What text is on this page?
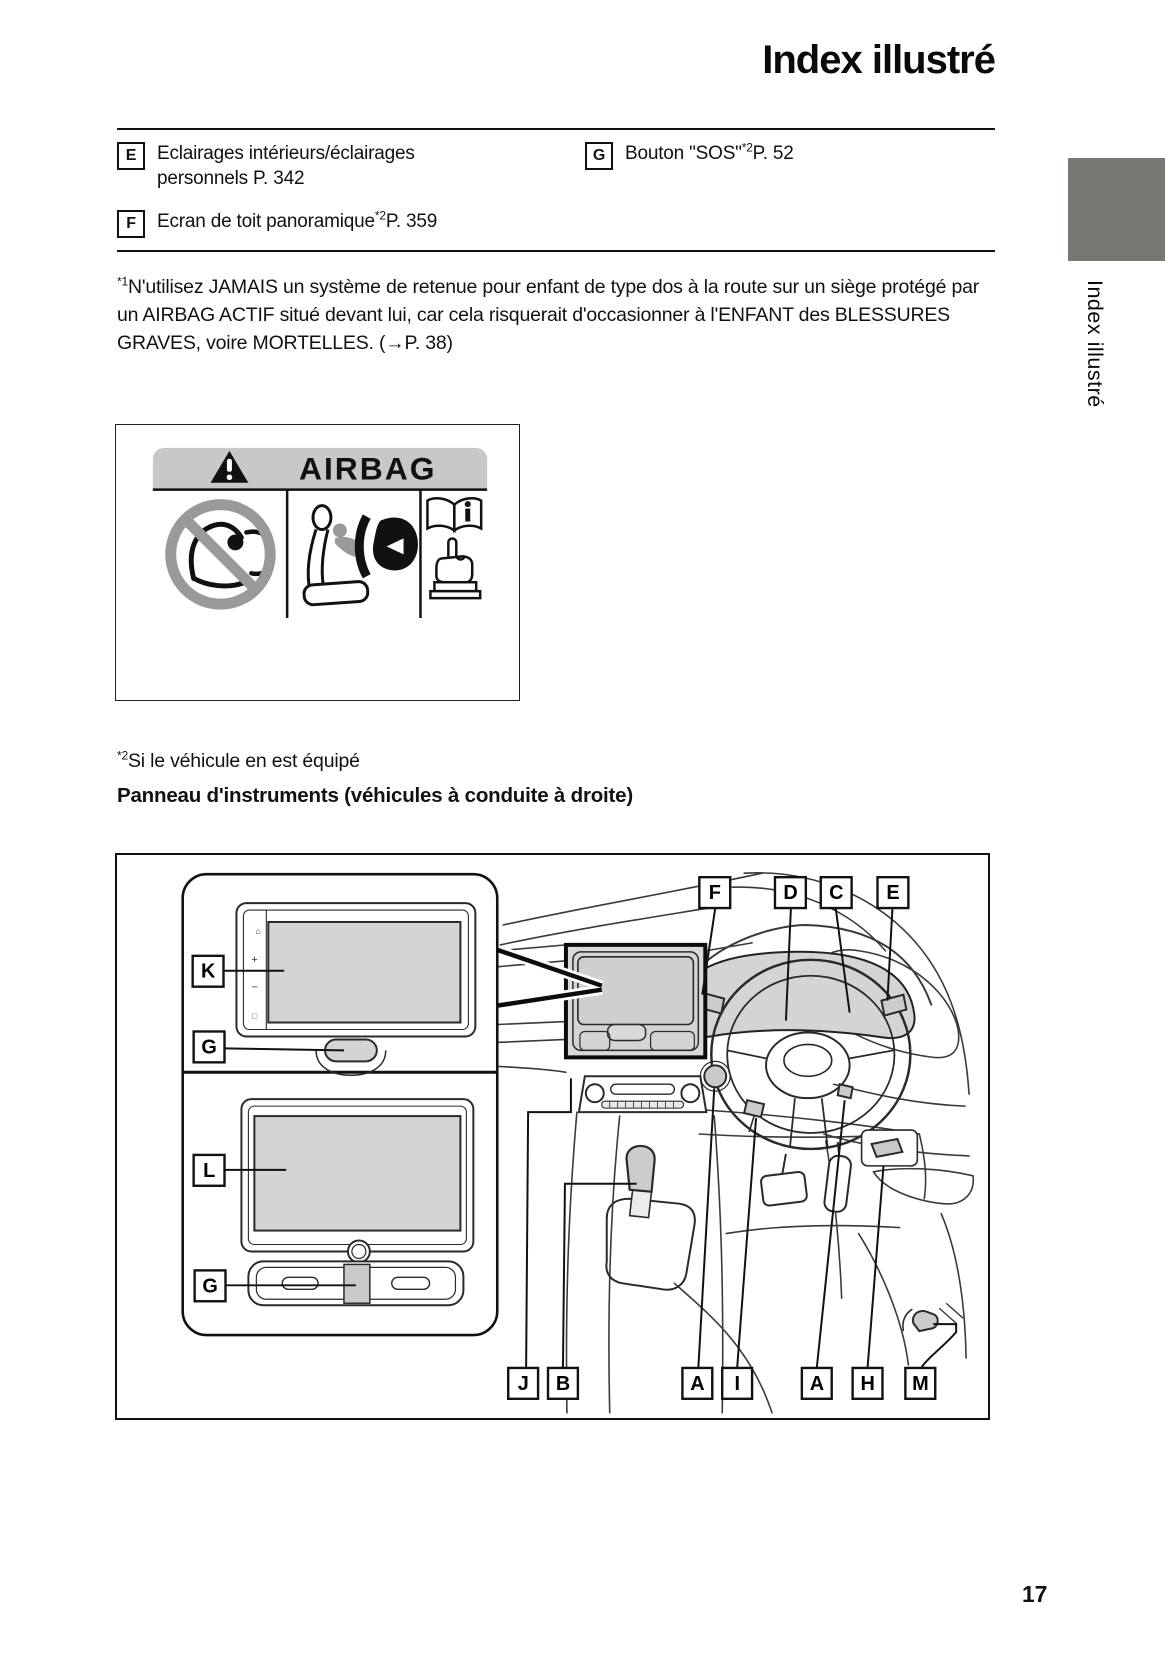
Index illustré
E	Eclairages intérieurs/éclairages personnels P. 342
F	Ecran de toit panoramique$^{*2}$P. 359
G	Bouton "SOS"$^{*2}$P. 52
$^{*1}$N'utilisez JAMAIS un système de retenue pour enfant de type dos à la route sur un siège protégé par un AIRBAG ACTIF situé devant lui, car cela risquerait d'occasionner à l'ENFANT des BLESSURES GRAVES, voire MORTELLES. (→P. 38)
AIRBAG
$^{*2}$Si le véhicule en est équipé
Panneau d'instruments (véhicules à conduite à droite)
⌂
+
−
□
F	D C E
K
G
L
G
J B	A I	A H M
Index illustré
17
